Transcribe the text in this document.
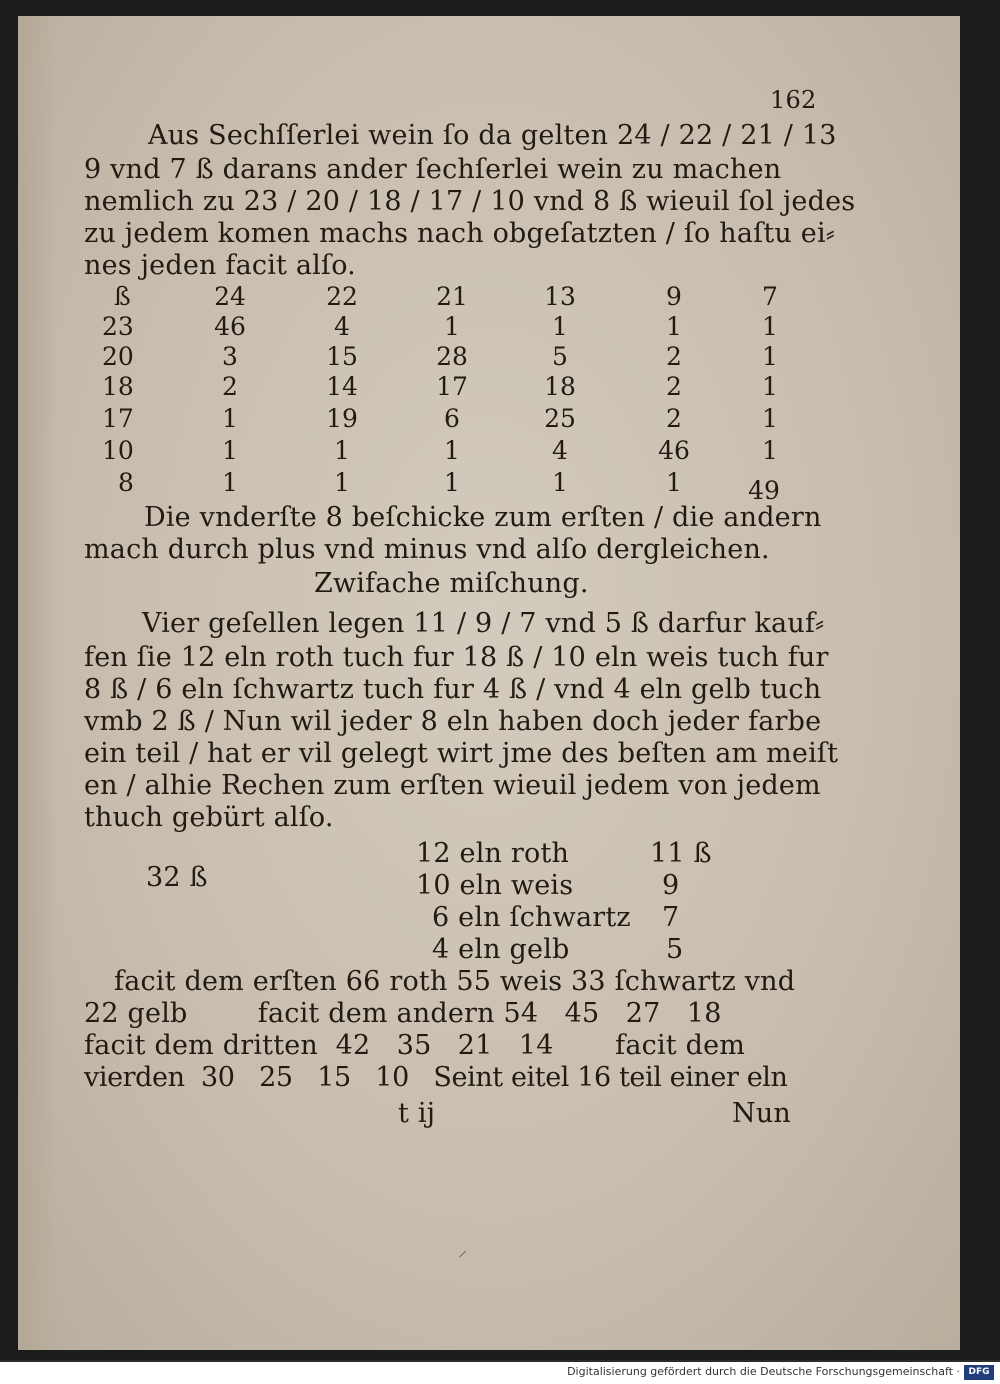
162
Aus Sechſſerlei wein ſo da gelten 24 / 22 / 21 / 13
9 vnd 7 ß darans ander ſechſerlei wein zu machen
nemlich zu 23 / 20 / 18 / 17 / 10 vnd 8 ß wieuil ſol jedes
zu jedem komen machs nach obgeſatzten / ſo haſtu ei⸗
nes jeden facit alſo.
ß	24	22	21	13	9	7
23	46	4	1	1	1	1
20	3	15	28	5	2	1
18	2	14	17	18	2	1
17	1	19	6	25	2	1
10	1	1	1	4	46	1
8	1	1	1	1	1	49
Die vnderſte 8 beſchicke zum erſten / die andern
mach durch plus vnd minus vnd alſo dergleichen.
Zwifache miſchung.
Vier geſellen legen 11 / 9 / 7 vnd 5 ß darfur kauf⸗
fen ſie 12 eln roth tuch fur 18 ß / 10 eln weis tuch fur
8 ß / 6 eln ſchwartz tuch fur 4 ß / vnd 4 eln gelb tuch
vmb 2 ß / Nun wil jeder 8 eln haben doch jeder farbe
ein teil / hat er vil gelegt wirt jme des beſten am meiſt
en / alhie Rechen zum erſten wieuil jedem von jedem
thuch gebürt alſo.
32 ß
12 eln roth	11 ß
10 eln weis	9
6 eln ſchwartz 7
4 eln gelb	5
facit dem erſten 66 roth 55 weis 33 ſchwartz vnd
22 gelb        facit dem andern 54   45   27   18
facit dem dritten  42   35   21   14       facit dem
vierden  30   25   15   10   Seint eitel 16 teil einer eln
t ij	Nun
⸝
Digitalisierung gefördert durch die Deutsche Forschungsgemeinschaft · DFG
